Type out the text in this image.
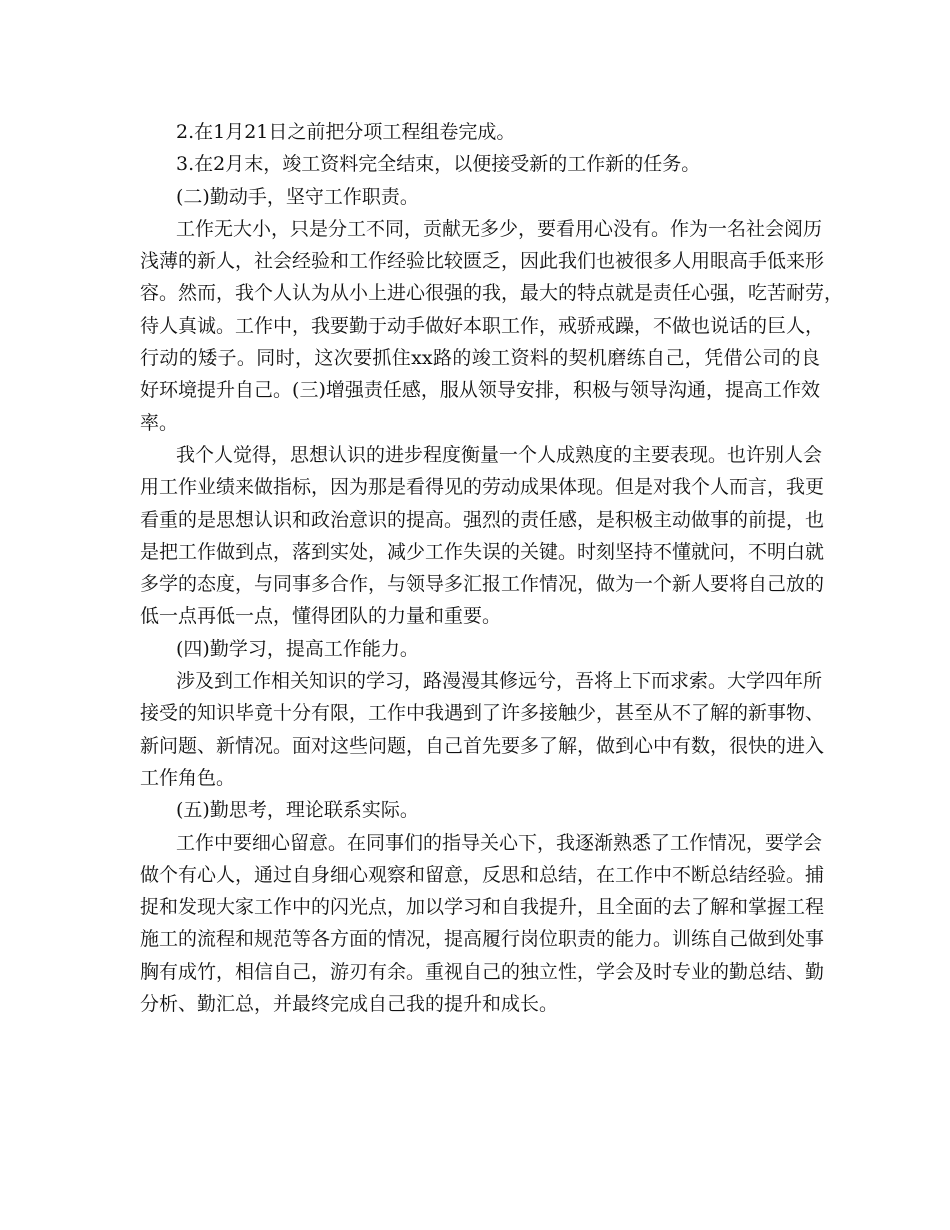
2.在1月21日之前把分项工程组卷完成。
3.在2月末，竣工资料完全结束，以便接受新的工作新的任务。
(二)勤动手，坚守工作职责。
工作无大小，只是分工不同，贡献无多少，要看用心没有。作为一名社会阅历
浅薄的新人，社会经验和工作经验比较匮乏，因此我们也被很多人用眼高手低来形
容。然而，我个人认为从小上进心很强的我，最大的特点就是责任心强，吃苦耐劳，
待人真诚。工作中，我要勤于动手做好本职工作，戒骄戒躁，不做也说话的巨人，
行动的矮子。同时，这次要抓住xx路的竣工资料的契机磨练自己，凭借公司的良
好环境提升自己。(三)增强责任感，服从领导安排，积极与领导沟通，提高工作效
率。
我个人觉得，思想认识的进步程度衡量一个人成熟度的主要表现。也许别人会
用工作业绩来做指标，因为那是看得见的劳动成果体现。但是对我个人而言，我更
看重的是思想认识和政治意识的提高。强烈的责任感，是积极主动做事的前提，也
是把工作做到点，落到实处，减少工作失误的关键。时刻坚持不懂就问，不明白就
多学的态度，与同事多合作，与领导多汇报工作情况，做为一个新人要将自己放的
低一点再低一点，懂得团队的力量和重要。
(四)勤学习，提高工作能力。
涉及到工作相关知识的学习，路漫漫其修远兮，吾将上下而求索。大学四年所
接受的知识毕竟十分有限，工作中我遇到了许多接触少，甚至从不了解的新事物、
新问题、新情况。面对这些问题，自己首先要多了解，做到心中有数，很快的进入
工作角色。
(五)勤思考，理论联系实际。
工作中要细心留意。在同事们的指导关心下，我逐渐熟悉了工作情况，要学会
做个有心人，通过自身细心观察和留意，反思和总结，在工作中不断总结经验。捕
捉和发现大家工作中的闪光点，加以学习和自我提升，且全面的去了解和掌握工程
施工的流程和规范等各方面的情况，提高履行岗位职责的能力。训练自己做到处事
胸有成竹，相信自己，游刃有余。重视自己的独立性，学会及时专业的勤总结、勤
分析、勤汇总，并最终完成自己我的提升和成长。
